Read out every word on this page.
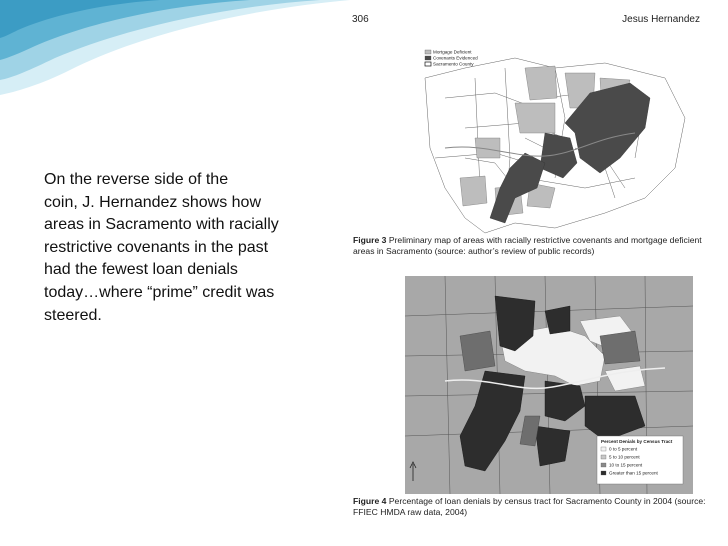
On the reverse side of the
coin, J. Hernandez shows how
areas in Sacramento with racially
restrictive covenants in the past
had the fewest loan denials
today…where “prime” credit was
steered.

306	Jesus Hernandez
Mortgage Deficient
Covenants Evidenced
Sacramento County

Figure 3 Preliminary map of areas with racially restrictive covenants and mortgage deficient areas in Sacramento (source: author’s review of public records)

Percent Denials by Census Tract
0 to 5 percent
5 to 10 percent
10 to 15 percent
Greater than 15 percent

Figure 4 Percentage of loan denials by census tract for Sacramento County in 2004 (source: FFIEC HMDA raw data, 2004)
